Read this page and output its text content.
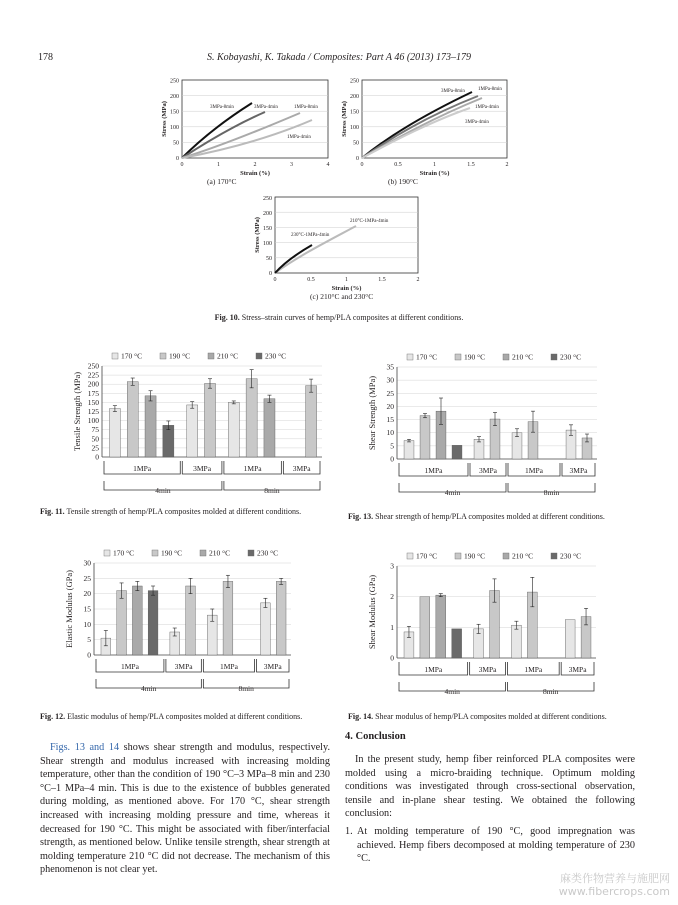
178	S. Kobayashi, K. Takada / Composites: Part A 46 (2013) 173–179
0
50
100
150
200
250
0	1	2	3	4
Strain (%)
Stress (MPa)	3MPa-8min	3MPa-4min	1MPa-8min
1MPa-4min
(a) 170°C
0
50
100
150
200
250
0	0.5	1	1.5	2
Strain (%)
Stress (MPa)
3MPa-8min	1MPa-8min
1MPa-4min
3MPa-4min
(b) 190°C
0
50
100
150
200
250
0	0.5	1	1.5	2
Strain (%)
Stress (MPa)	210°C-1MPa-4min
230°C-1MPa-4min
(c) 210°C and 230°C
Fig. 10. Stress–strain curves of hemp/PLA composites at different conditions.
170 °C	190 °C	210 °C	230 °C
0
25
50
75
100
125
150
175
200
225
250
Tensile Strength (MPa)
1MPa	3MPa	1MPa	3MPa
4min	8min
170 °C	190 °C	210 °C	230 °C
0
5
10
15
20
25
30
Elastic Modulus (GPa)
1MPa	3MPa	1MPa	3MPa
4min	8min
170 °C	190 °C	210 °C	230 °C
0
5
10
15
20
25
30
35
Shear Strength (MPa)
1MPa	3MPa	1MPa	3MPa
4min	8min
170 °C	190 °C	210 °C	230 °C
0
1
2
3
Shear Modulus (GPa)
1MPa	3MPa	1MPa	3MPa
4min	8min
Fig. 11. Tensile strength of hemp/PLA composites molded at different conditions.
Fig. 13. Shear strength of hemp/PLA composites molded at different conditions.
Fig. 12. Elastic modulus of hemp/PLA composites molded at different conditions.	Fig. 14. Shear modulus of hemp/PLA composites molded at different conditions.
Figs. 13 and 14 shows shear strength and modulus, respectively. Shear strength and modulus increased with increasing molding temperature, other than the condition of 190 °C–3 MPa–8 min and 230 °C–1 MPa–4 min. This is due to the existence of bubbles generated during molding, as mentioned above. For 170 °C, shear strength increased with increasing molding pressure and time, whereas it decreased for 190 °C. This might be associated with fiber/interfacial strength, as mentioned below. Unlike tensile strength, shear strength at molding temperature 210 °C did not decrease. The mechanism of this phenomenon is not clear yet.
4. Conclusion
In the present study, hemp fiber reinforced PLA composites were molded using a micro-braiding technique. Optimum molding conditions was investigated through cross-sectional observation, tensile and in-plane shear testing. We obtained the following conclusion:
1. At molding temperature of 190 °C, good impregnation was achieved. Hemp fibers decomposed at molding temperature of 230 °C.
麻类作物营养与施肥网
www.fibercrops.com
